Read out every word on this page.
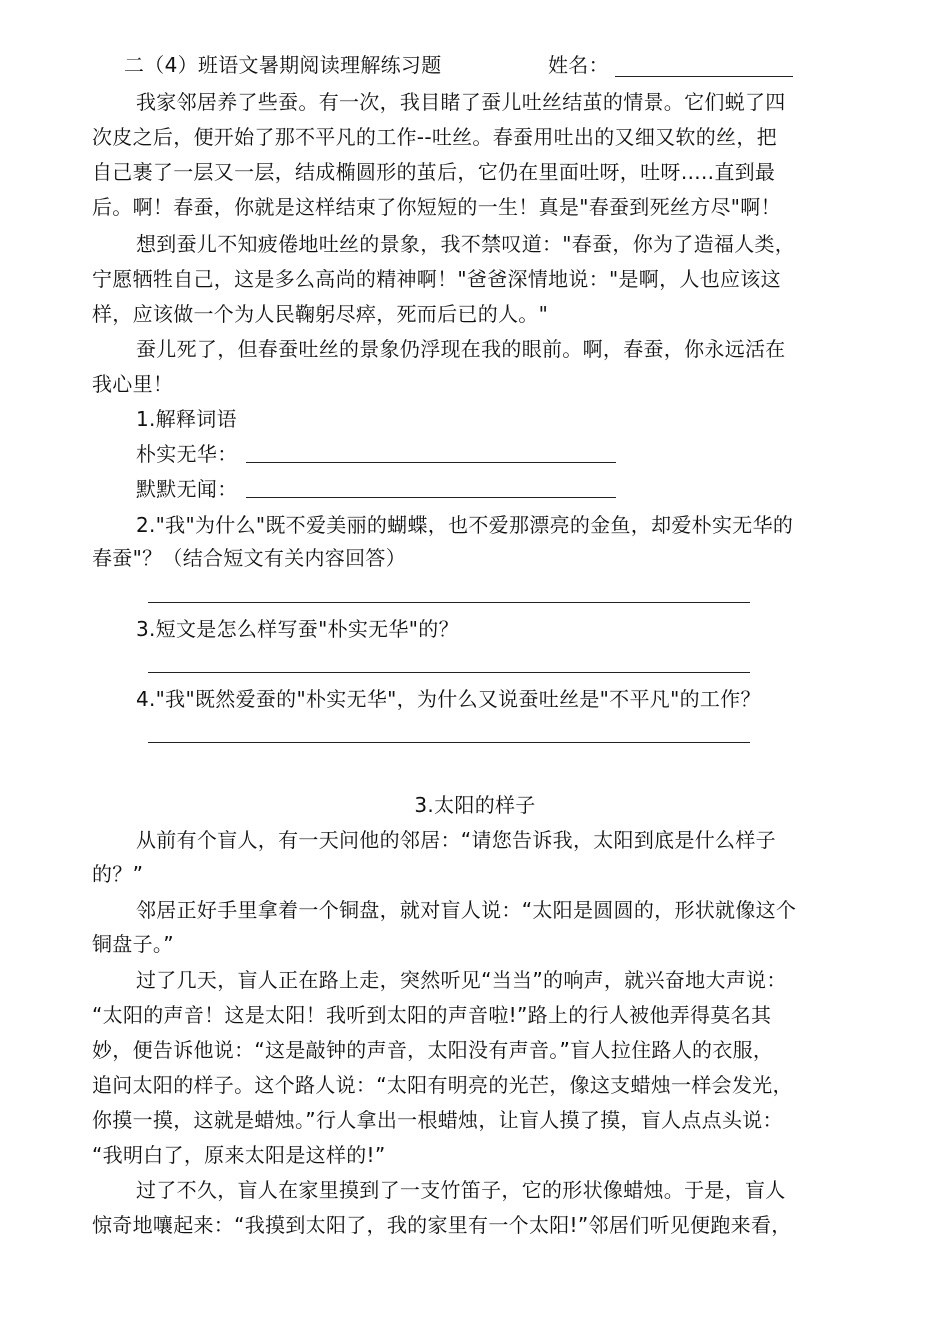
二（4）班语文暑期阅读理解练习题	姓名：
我家邻居养了些蚕。有一次，我目睹了蚕儿吐丝结茧的情景。它们蜕了四
次皮之后，便开始了那不平凡的工作--吐丝。春蚕用吐出的又细又软的丝，把
自己裹了一层又一层，结成椭圆形的茧后，它仍在里面吐呀，吐呀…..直到最
后。啊！春蚕，你就是这样结束了你短短的一生！真是"春蚕到死丝方尽"啊！
想到蚕儿不知疲倦地吐丝的景象，我不禁叹道："春蚕，你为了造福人类，
宁愿牺牲自己，这是多么高尚的精神啊！"爸爸深情地说："是啊，人也应该这
样，应该做一个为人民鞠躬尽瘁，死而后已的人。"
蚕儿死了，但春蚕吐丝的景象仍浮现在我的眼前。啊，春蚕，你永远活在
我心里！
1.解释词语
朴实无华：
默默无闻：
2."我"为什么"既不爱美丽的蝴蝶，也不爱那漂亮的金鱼，却爱朴实无华的
春蚕"？（结合短文有关内容回答）
3.短文是怎么样写蚕"朴实无华"的？
4."我"既然爱蚕的"朴实无华"，为什么又说蚕吐丝是"不平凡"的工作？
3.太阳的样子
从前有个盲人，有一天问他的邻居：“请您告诉我，太阳到底是什么样子
的？”
邻居正好手里拿着一个铜盘，就对盲人说：“太阳是圆圆的，形状就像这个
铜盘子。”
过了几天，盲人正在路上走，突然听见“当当”的响声，就兴奋地大声说：
“太阳的声音！这是太阳！我听到太阳的声音啦!”路上的行人被他弄得莫名其
妙，便告诉他说：“这是敲钟的声音，太阳没有声音。”盲人拉住路人的衣服，
追问太阳的样子。这个路人说：“太阳有明亮的光芒，像这支蜡烛一样会发光，
你摸一摸，这就是蜡烛。”行人拿出一根蜡烛，让盲人摸了摸，盲人点点头说：
“我明白了，原来太阳是这样的!”
过了不久，盲人在家里摸到了一支竹笛子，它的形状像蜡烛。于是，盲人
惊奇地嚷起来：“我摸到太阳了，我的家里有一个太阳!”邻居们听见便跑来看，
